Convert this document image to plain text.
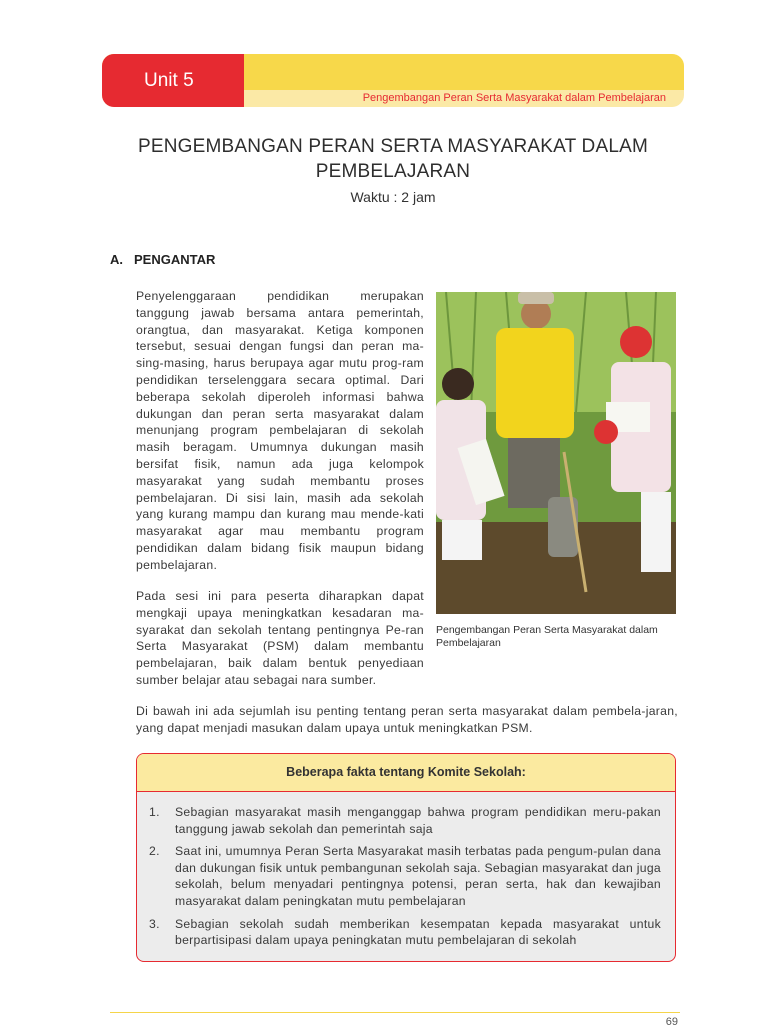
Unit 5
Pengembangan Peran Serta Masyarakat dalam Pembelajaran
PENGEMBANGAN PERAN SERTA MASYARAKAT DALAM
PEMBELAJARAN
Waktu : 2 jam
A. PENGANTAR

Penyelenggaraan pendidikan merupakan tanggung jawab bersama antara pemerintah, orangtua, dan masyarakat. Ketiga komponen tersebut, sesuai dengan fungsi dan peran ma-sing-masing, harus berupaya agar mutu prog-ram pendidikan terselenggara secara optimal. Dari beberapa sekolah diperoleh informasi bahwa dukungan dan peran serta masyarakat dalam menunjang program pembelajaran di sekolah masih beragam. Umumnya dukungan masih bersifat fisik, namun ada juga kelompok masyarakat yang sudah membantu proses pembelajaran. Di sisi lain, masih ada sekolah yang kurang mampu dan kurang mau mende-kati masyarakat agar mau membantu program pendidikan dalam bidang fisik maupun bidang pembelajaran.

Pada sesi ini para peserta diharapkan dapat mengkaji upaya meningkatkan kesadaran ma-syarakat dan sekolah tentang pentingnya Pe-ran Serta Masyarakat (PSM) dalam membantu pembelajaran, baik dalam bentuk penyediaan sumber belajar atau sebagai nara sumber.

Di bawah ini ada sejumlah isu penting tentang peran serta masyarakat dalam pembela-jaran, yang dapat menjadi masukan dalam upaya untuk meningkatkan PSM.

Pengembangan Peran Serta Masyarakat dalam Pembelajaran
Beberapa fakta tentang Komite Sekolah:
1.	Sebagian masyarakat masih menganggap bahwa program pendidikan meru-pakan tanggung jawab sekolah dan pemerintah saja
2.	Saat ini, umumnya Peran Serta Masyarakat masih terbatas pada pengum-pulan dana dan dukungan fisik untuk pembangunan sekolah saja. Sebagian masyarakat dan juga sekolah, belum menyadari pentingnya potensi, peran serta, hak dan kewajiban masyarakat dalam peningkatan mutu pembelajaran
3.	Sebagian sekolah sudah memberikan kesempatan kepada masyarakat untuk berpartisipasi dalam upaya peningkatan mutu pembelajaran di sekolah
69
